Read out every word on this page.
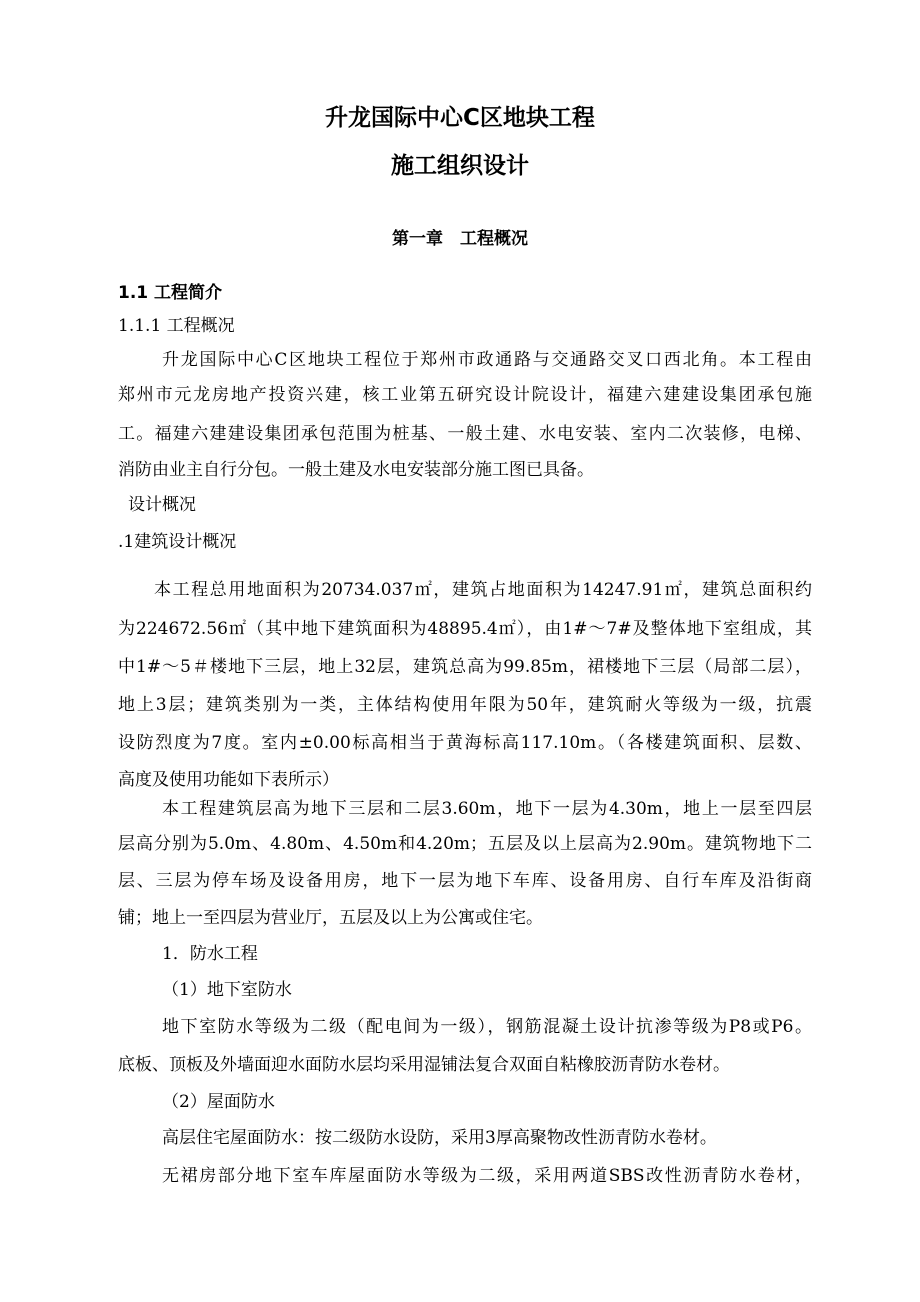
升龙国际中心C区地块工程
施工组织设计
第一章　工程概况
1.1 工程简介
1.1.1 工程概况
升龙国际中心C区地块工程位于郑州市政通路与交通路交叉口西北角。本工程由
郑州市元龙房地产投资兴建，核工业第五研究设计院设计，福建六建建设集团承包施
工。福建六建建设集团承包范围为桩基、一般土建、水电安装、室内二次装修，电梯、
消防由业主自行分包。一般土建及水电安装部分施工图已具备。
设计概况
.1建筑设计概况
本工程总用地面积为20734.037㎡，建筑占地面积为14247.91㎡，建筑总面积约
为224672.56㎡（其中地下建筑面积为48895.4㎡），由1#～7#及整体地下室组成，其
中1#～5＃楼地下三层，地上32层，建筑总高为99.85m，裙楼地下三层（局部二层），
地上3层；建筑类别为一类，主体结构使用年限为50年，建筑耐火等级为一级，抗震
设防烈度为7度。室内±0.00标高相当于黄海标高117.10m。（各楼建筑面积、层数、
高度及使用功能如下表所示）
本工程建筑层高为地下三层和二层3.60m，地下一层为4.30m，地上一层至四层
层高分别为5.0m、4.80m、4.50m和4.20m；五层及以上层高为2.90m。建筑物地下二
层、三层为停车场及设备用房，地下一层为地下车库、设备用房、自行车库及沿街商
铺；地上一至四层为营业厅，五层及以上为公寓或住宅。
1．防水工程
（1）地下室防水
地下室防水等级为二级（配电间为一级），钢筋混凝土设计抗渗等级为P8或P6。
底板、顶板及外墙面迎水面防水层均采用湿铺法复合双面自粘橡胶沥青防水卷材。
（2）屋面防水
高层住宅屋面防水：按二级防水设防，采用3厚高聚物改性沥青防水卷材。
无裙房部分地下室车库屋面防水等级为二级，采用两道SBS改性沥青防水卷材，
